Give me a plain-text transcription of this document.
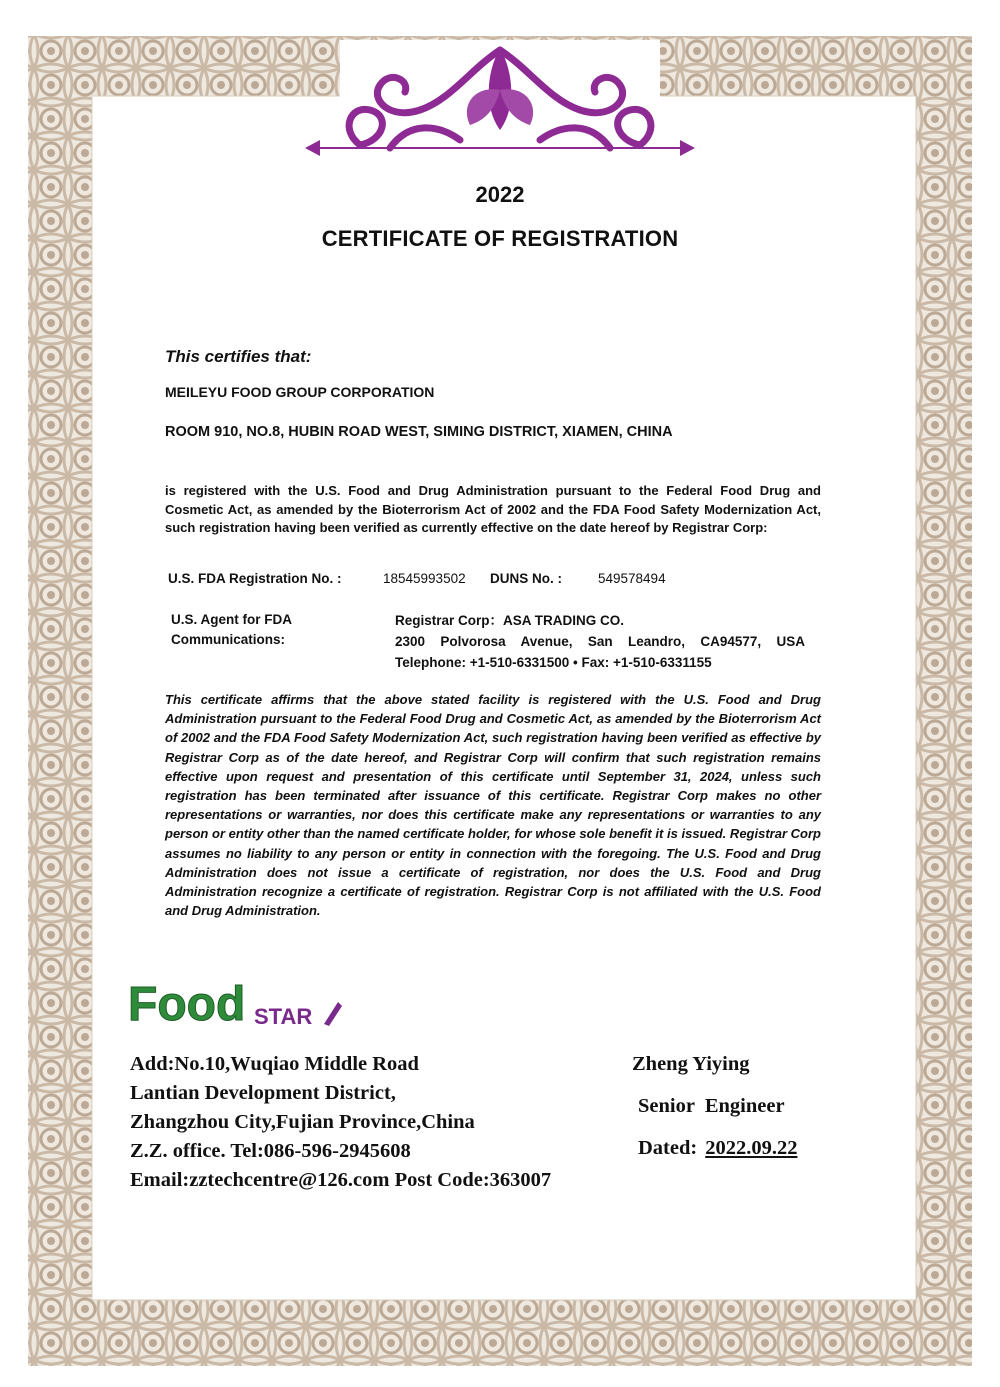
2022
CERTIFICATE OF REGISTRATION
This certifies that:
MEILEYU FOOD GROUP CORPORATION
ROOM 910, NO.8, HUBIN ROAD WEST, SIMING DISTRICT, XIAMEN, CHINA
is registered with the U.S. Food and Drug Administration pursuant to the Federal Food Drug and Cosmetic Act, as amended by the Bioterrorism Act of 2002 and the FDA Food Safety Modernization Act, such registration having been verified as currently effective on the date hereof by Registrar Corp:
U.S. FDA Registration No. :	18545993502 DUNS No. :	549578494
U.S. Agent for FDA
Communications:
Registrar Corp：ASA TRADING CO.
2300 Polvorosa Avenue, San Leandro, CA94577, USA
Telephone: +1-510-6331500 • Fax: +1-510-6331155
This certificate affirms that the above stated facility is registered with the U.S. Food and Drug Administration pursuant to the Federal Food Drug and Cosmetic Act, as amended by the Bioterrorism Act of 2002 and the FDA Food Safety Modernization Act, such registration having been verified as effective by Registrar Corp as of the date hereof, and Registrar Corp will confirm that such registration remains effective upon request and presentation of this certificate until September 31, 2024, unless such registration has been terminated after issuance of this certificate. Registrar Corp makes no other representations or warranties, nor does this certificate make any representations or warranties to any person or entity other than the named certificate holder, for whose sole benefit it is issued. Registrar Corp assumes no liability to any person or entity in connection with the foregoing. The U.S. Food and Drug Administration does not issue a certificate of registration, nor does the U.S. Food and Drug Administration recognize a certificate of registration. Registrar Corp is not affiliated with the U.S. Food and Drug Administration.
Food STAR
Add:No.10,Wuqiao Middle Road
Lantian Development District,
Zhangzhou City,Fujian Province,China
Z.Z. office. Tel:086-596-2945608
Email:zztechcentre@126.com Post Code:363007
Zheng Yiying
Senior  Engineer
Dated: 2022.09.22
